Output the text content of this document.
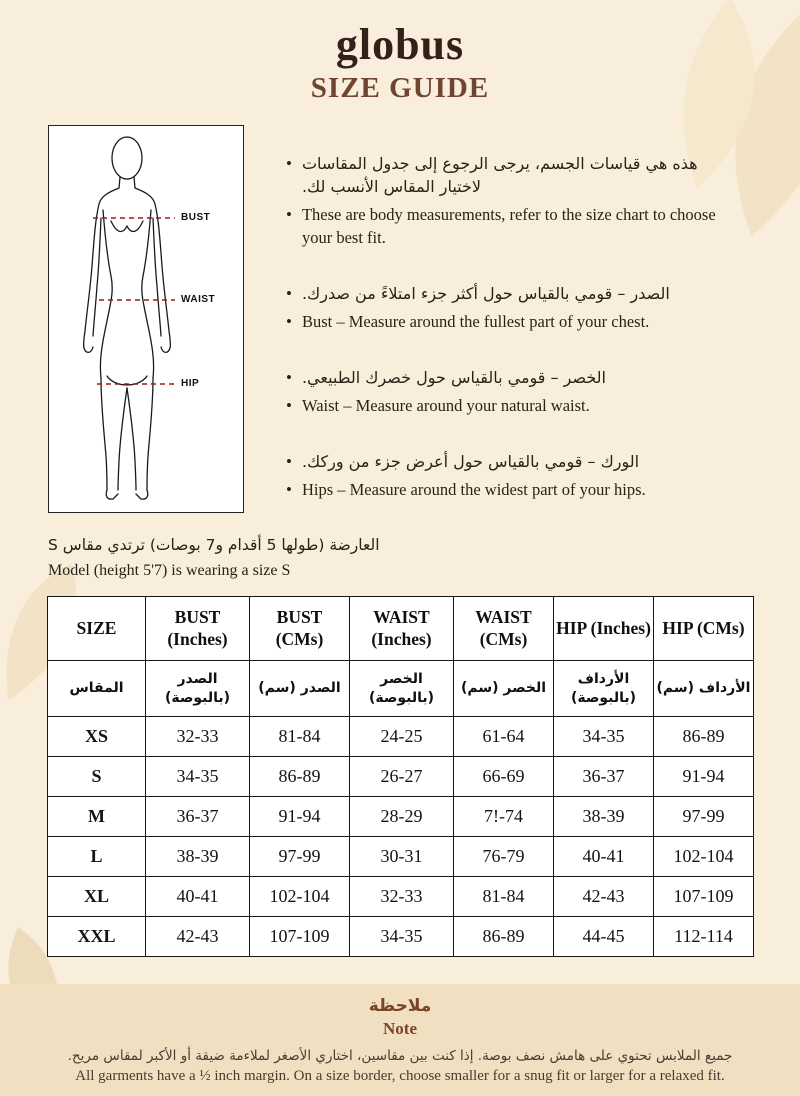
globus
SIZE GUIDE
BUST
WAIST
HIP
• هذه هي قياسات الجسم، يرجى الرجوع إلى جدول المقاسات لاختيار المقاس الأنسب لك.
• These are body measurements, refer to the size chart to choose your best fit.
• الصدر – قومي بالقياس حول أكثر جزء امتلاءً من صدرك.
• Bust – Measure around the fullest part of your chest.
• الخصر – قومي بالقياس حول خصرك الطبيعي.
• Waist – Measure around your natural waist.
• الورك – قومي بالقياس حول أعرض جزء من وركك.
• Hips – Measure around the widest part of your hips.
العارضة (طولها 5 أقدام و7 بوصات) ترتدي مقاس S
Model (height 5'7) is wearing a size S
SIZE	BUST (Inches)	BUST (CMs)	WAIST (Inches)	WAIST (CMs)	HIP (Inches)	HIP (CMs)
المقاس	الصدر (بالبوصة)	الصدر (سم)	الخصر (بالبوصة)	الخصر (سم)	الأرداف (بالبوصة)	الأرداف (سم)
XS	32-33	81-84	24-25	61-64	34-35	86-89
S	34-35	86-89	26-27	66-69	36-37	91-94
M	36-37	91-94	28-29	7!-74	38-39	97-99
L	38-39	97-99	30-31	76-79	40-41	102-104
XL	40-41	102-104	32-33	81-84	42-43	107-109
XXL	42-43	107-109	34-35	86-89	44-45	112-114
ملاحظة
Note
جميع الملابس تحتوي على هامش نصف بوصة. إذا كنت بين مقاسين، اختاري الأصغر لملاءمة ضيقة أو الأكبر لمقاس مريح.
All garments have a ½ inch margin. On a size border, choose smaller for a snug fit or larger for a relaxed fit.
